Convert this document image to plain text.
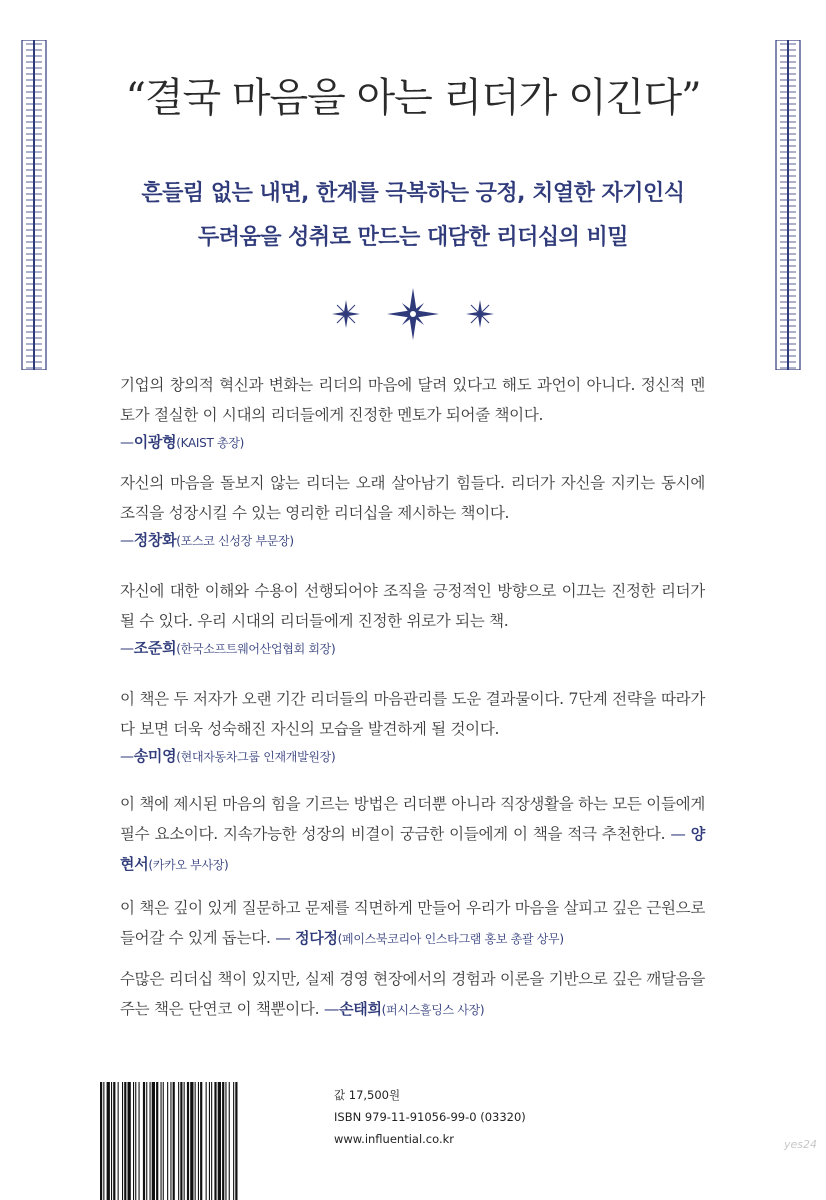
“결국 마음을 아는 리더가 이긴다”
흔들림 없는 내면, 한계를 극복하는 긍정, 치열한 자기인식
두려움을 성취로 만드는 대담한 리더십의 비밀

기업의 창의적 혁신과 변화는 리더의 마음에 달려 있다고 해도 과언이 아니다. 정신적 멘토가 절실한 이 시대의 리더들에게 진정한 멘토가 되어줄 책이다.

—이광형(KAIST 총장)

자신의 마음을 돌보지 않는 리더는 오래 살아남기 힘들다. 리더가 자신을 지키는 동시에 조직을 성장시킬 수 있는 영리한 리더십을 제시하는 책이다.

—정창화(포스코 신성장 부문장)

자신에 대한 이해와 수용이 선행되어야 조직을 긍정적인 방향으로 이끄는 진정한 리더가 될 수 있다. 우리 시대의 리더들에게 진정한 위로가 되는 책.

—조준희(한국소프트웨어산업협회 회장)

이 책은 두 저자가 오랜 기간 리더들의 마음관리를 도운 결과물이다. 7단계 전략을 따라가다 보면 더욱 성숙해진 자신의 모습을 발견하게 될 것이다.

—송미영(현대자동차그룹 인재개발원장)

이 책에 제시된 마음의 힘을 기르는 방법은 리더뿐 아니라 직장생활을 하는 모든 이들에게 필수 요소이다. 지속가능한 성장의 비결이 궁금한 이들에게 이 책을 적극 추천한다. — 양현서(카카오 부사장)

이 책은 깊이 있게 질문하고 문제를 직면하게 만들어 우리가 마음을 살피고 깊은 근원으로 들어갈 수 있게 돕는다. — 정다정(페이스북코리아 인스타그램 홍보 총괄 상무)

수많은 리더십 책이 있지만, 실제 경영 현장에서의 경험과 이론을 기반으로 깊은 깨달음을 주는 책은 단연코 이 책뿐이다. —손태희(퍼시스홀딩스 사장)

값 17,500원
ISBN 979-11-91056-99-0 (03320)
www.influential.co.kr	yes24
